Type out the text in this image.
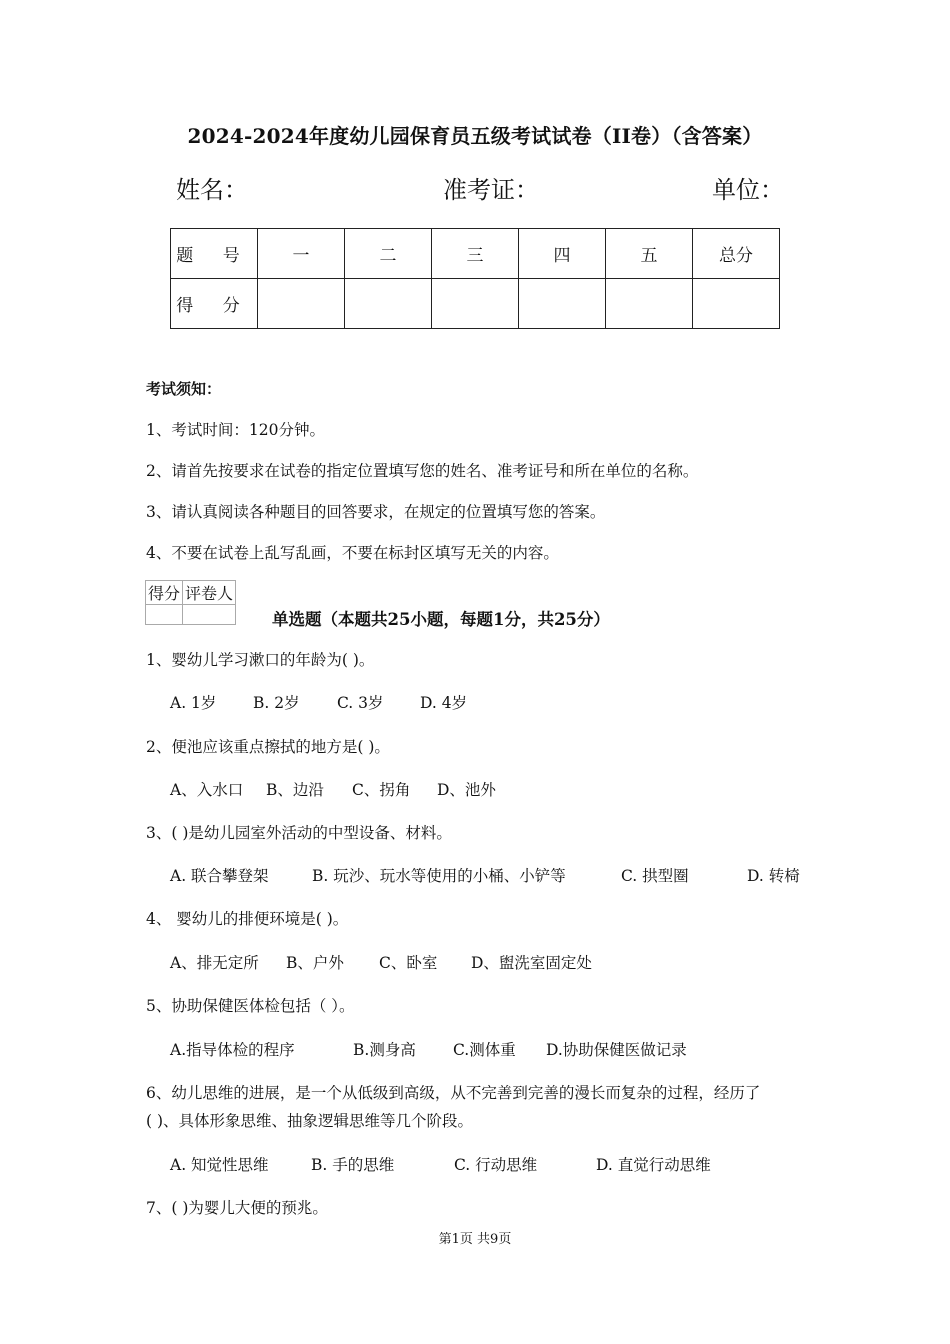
2024-2024年度幼儿园保育员五级考试试卷（II卷）（含答案）
姓名：	准考证：	单位：
题 号	一	二	三	四	五	总分
得 分						
考试须知：
1、考试时间：120分钟。
2、请首先按要求在试卷的指定位置填写您的姓名、准考证号和所在单位的名称。
3、请认真阅读各种题目的回答要求，在规定的位置填写您的答案。
4、不要在试卷上乱写乱画，不要在标封区填写无关的内容。
得分	评卷人

单选题（本题共25小题，每题1分，共25分）
1、婴幼儿学习漱口的年龄为( )。
A. 1岁 B. 2岁 C. 3岁 D. 4岁
2、便池应该重点擦拭的地方是( )。
A、入水口 B、边沿 C、拐角 D、池外
3、( )是幼儿园室外活动的中型设备、材料。
A. 联合攀登架	B. 玩沙、玩水等使用的小桶、小铲等	C. 拱型圈	D. 转椅
4、 婴幼儿的排便环境是( )。
A、排无定所 B、户外 C、卧室 D、盥洗室固定处
5、协助保健医体检包括（ ）。
A.指导体检的程序	B.测身高 C.测体重 D.协助保健医做记录
6、幼儿思维的进展，是一个从低级到高级，从不完善到完善的漫长而复杂的过程，经历了
( )、具体形象思维、抽象逻辑思维等几个阶段。
A. 知觉性思维	B. 手的思维	C. 行动思维	D. 直觉行动思维
7、( )为婴儿大便的预兆。
第1页 共9页
